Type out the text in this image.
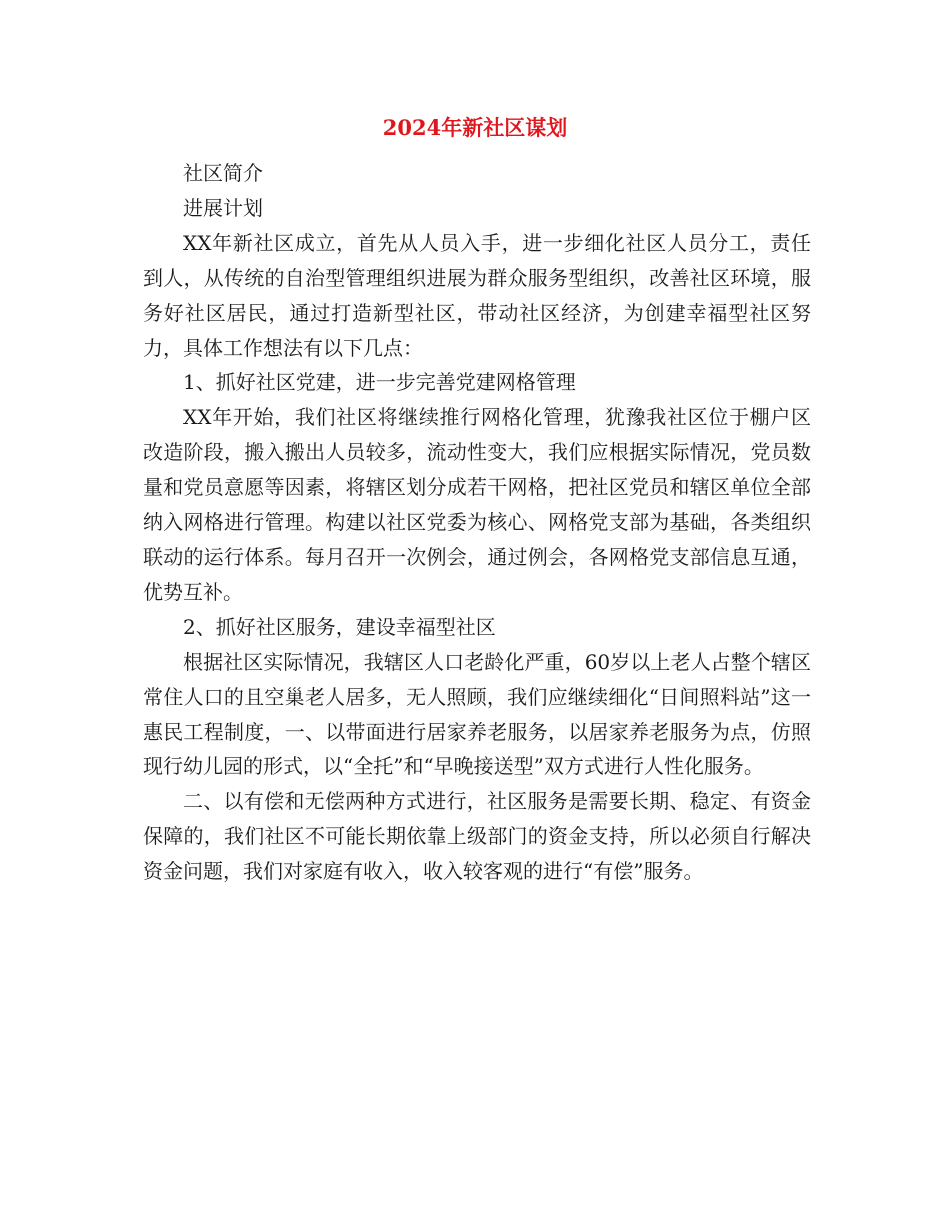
2024年新社区谋划

社区简介

进展计划

XX年新社区成立，首先从人员入手，进一步细化社区人员分工，责任到人，从传统的自治型管理组织进展为群众服务型组织，改善社区环境，服务好社区居民，通过打造新型社区，带动社区经济，为创建幸福型社区努力，具体工作想法有以下几点：

1、抓好社区党建，进一步完善党建网格管理

XX年开始，我们社区将继续推行网格化管理，犹豫我社区位于棚户区改造阶段，搬入搬出人员较多，流动性变大，我们应根据实际情况，党员数量和党员意愿等因素，将辖区划分成若干网格，把社区党员和辖区单位全部纳入网格进行管理。构建以社区党委为核心、网格党支部为基础，各类组织联动的运行体系。每月召开一次例会，通过例会，各网格党支部信息互通，优势互补。

2、抓好社区服务，建设幸福型社区

根据社区实际情况，我辖区人口老龄化严重，60岁以上老人占整个辖区常住人口的且空巢老人居多，无人照顾，我们应继续细化“日间照料站”这一惠民工程制度，一、以带面进行居家养老服务，以居家养老服务为点，仿照现行幼儿园的形式，以“全托”和“早晚接送型”双方式进行人性化服务。

二、以有偿和无偿两种方式进行，社区服务是需要长期、稳定、有资金保障的，我们社区不可能长期依靠上级部门的资金支持，所以必须自行解决资金问题，我们对家庭有收入，收入较客观的进行“有偿”服务。
